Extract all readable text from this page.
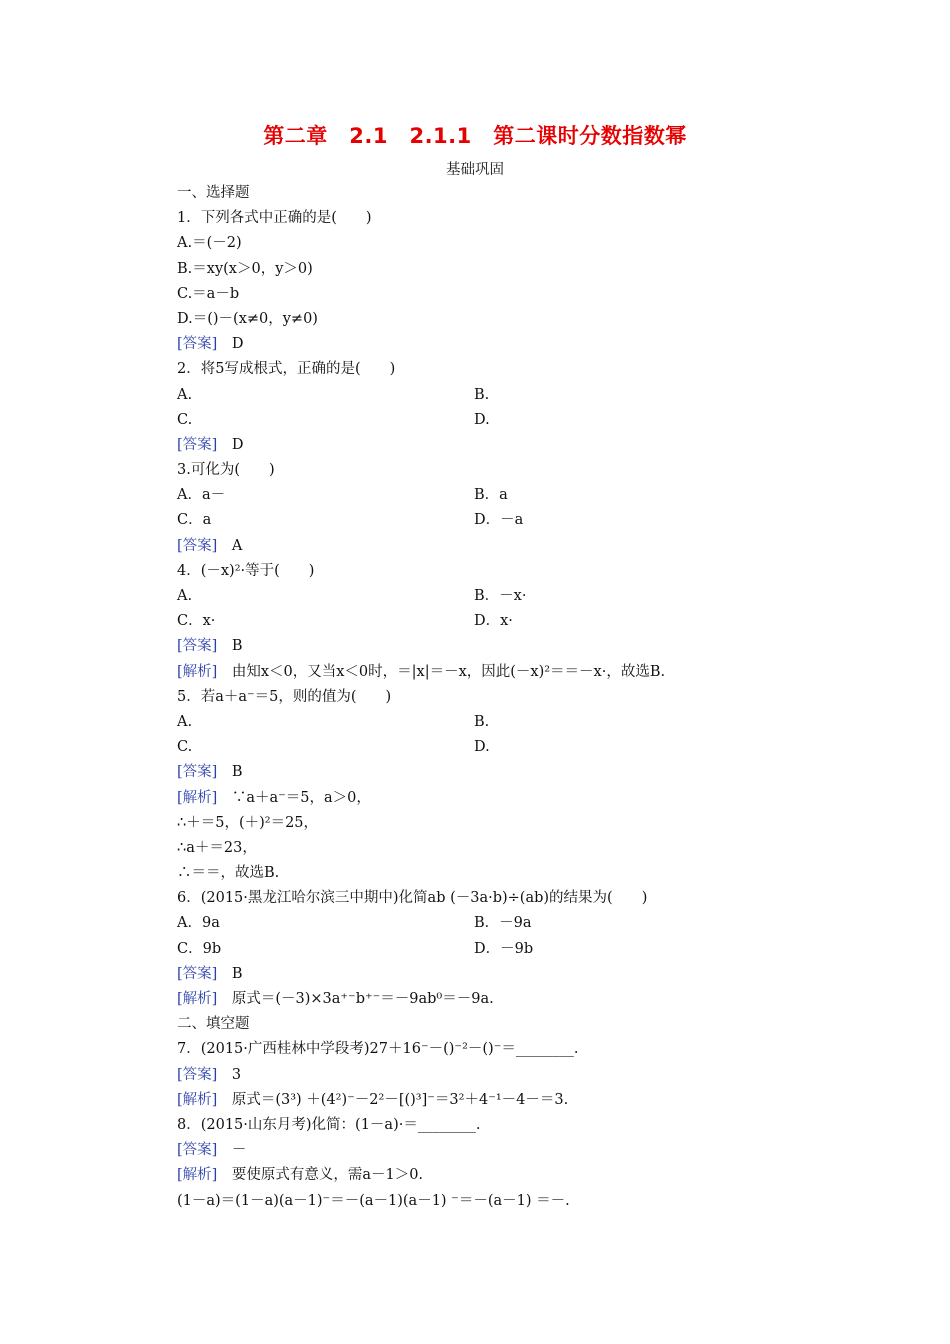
第二章　2.1　2.1.1　第二课时分数指数幂
基础巩固
一、选择题
1．下列各式中正确的是(　　)
A.＝(－2)
B.＝xy(x＞0，y＞0)
C.＝a－b
D.＝()－(x≠0，y≠0)
[答案]　D
2．将5写成根式，正确的是(　　)
A.	B.
C.	D.
[答案]　D
3.可化为(　　)
A．a－	B．a
C．a	D．－a
[答案]　A
4．(－x)²·等于(　　)
A.	B．－x·
C．x·	D．x·
[答案]　B
[解析]　由知x＜0，又当x＜0时，＝|x|＝－x，因此(－x)²＝＝－x·，故选B.
5．若a＋a⁻＝5，则的值为(　　)
A.	B.
C.	D.
[答案]　B
[解析]　∵a＋a⁻＝5，a＞0，
∴＋＝5，(＋)²＝25，
∴a＋＝23，
∴＝＝，故选B.
6．(2015·黑龙江哈尔滨三中期中)化简ab (－3a·b)÷(ab)的结果为(　　)
A．9a	B．－9a
C．9b	D．－9b
[答案]　B
[解析]　原式＝(－3)×3a⁺⁻b⁺⁻＝－9ab⁰＝－9a.
二、填空题
7．(2015·广西桂林中学段考)27＋16⁻－()⁻²－()⁻＝________.
[答案]　3
[解析]　原式＝(3³) ＋(4²)⁻－2²－[()³]⁻＝3²＋4⁻¹－4－＝3.
8．(2015·山东月考)化简：(1－a)·＝________.
[答案]　－
[解析]　要使原式有意义，需a－1＞0.
(1－a)＝(1－a)(a－1)⁻＝－(a－1)(a－1) ⁻＝－(a－1) ＝－.
